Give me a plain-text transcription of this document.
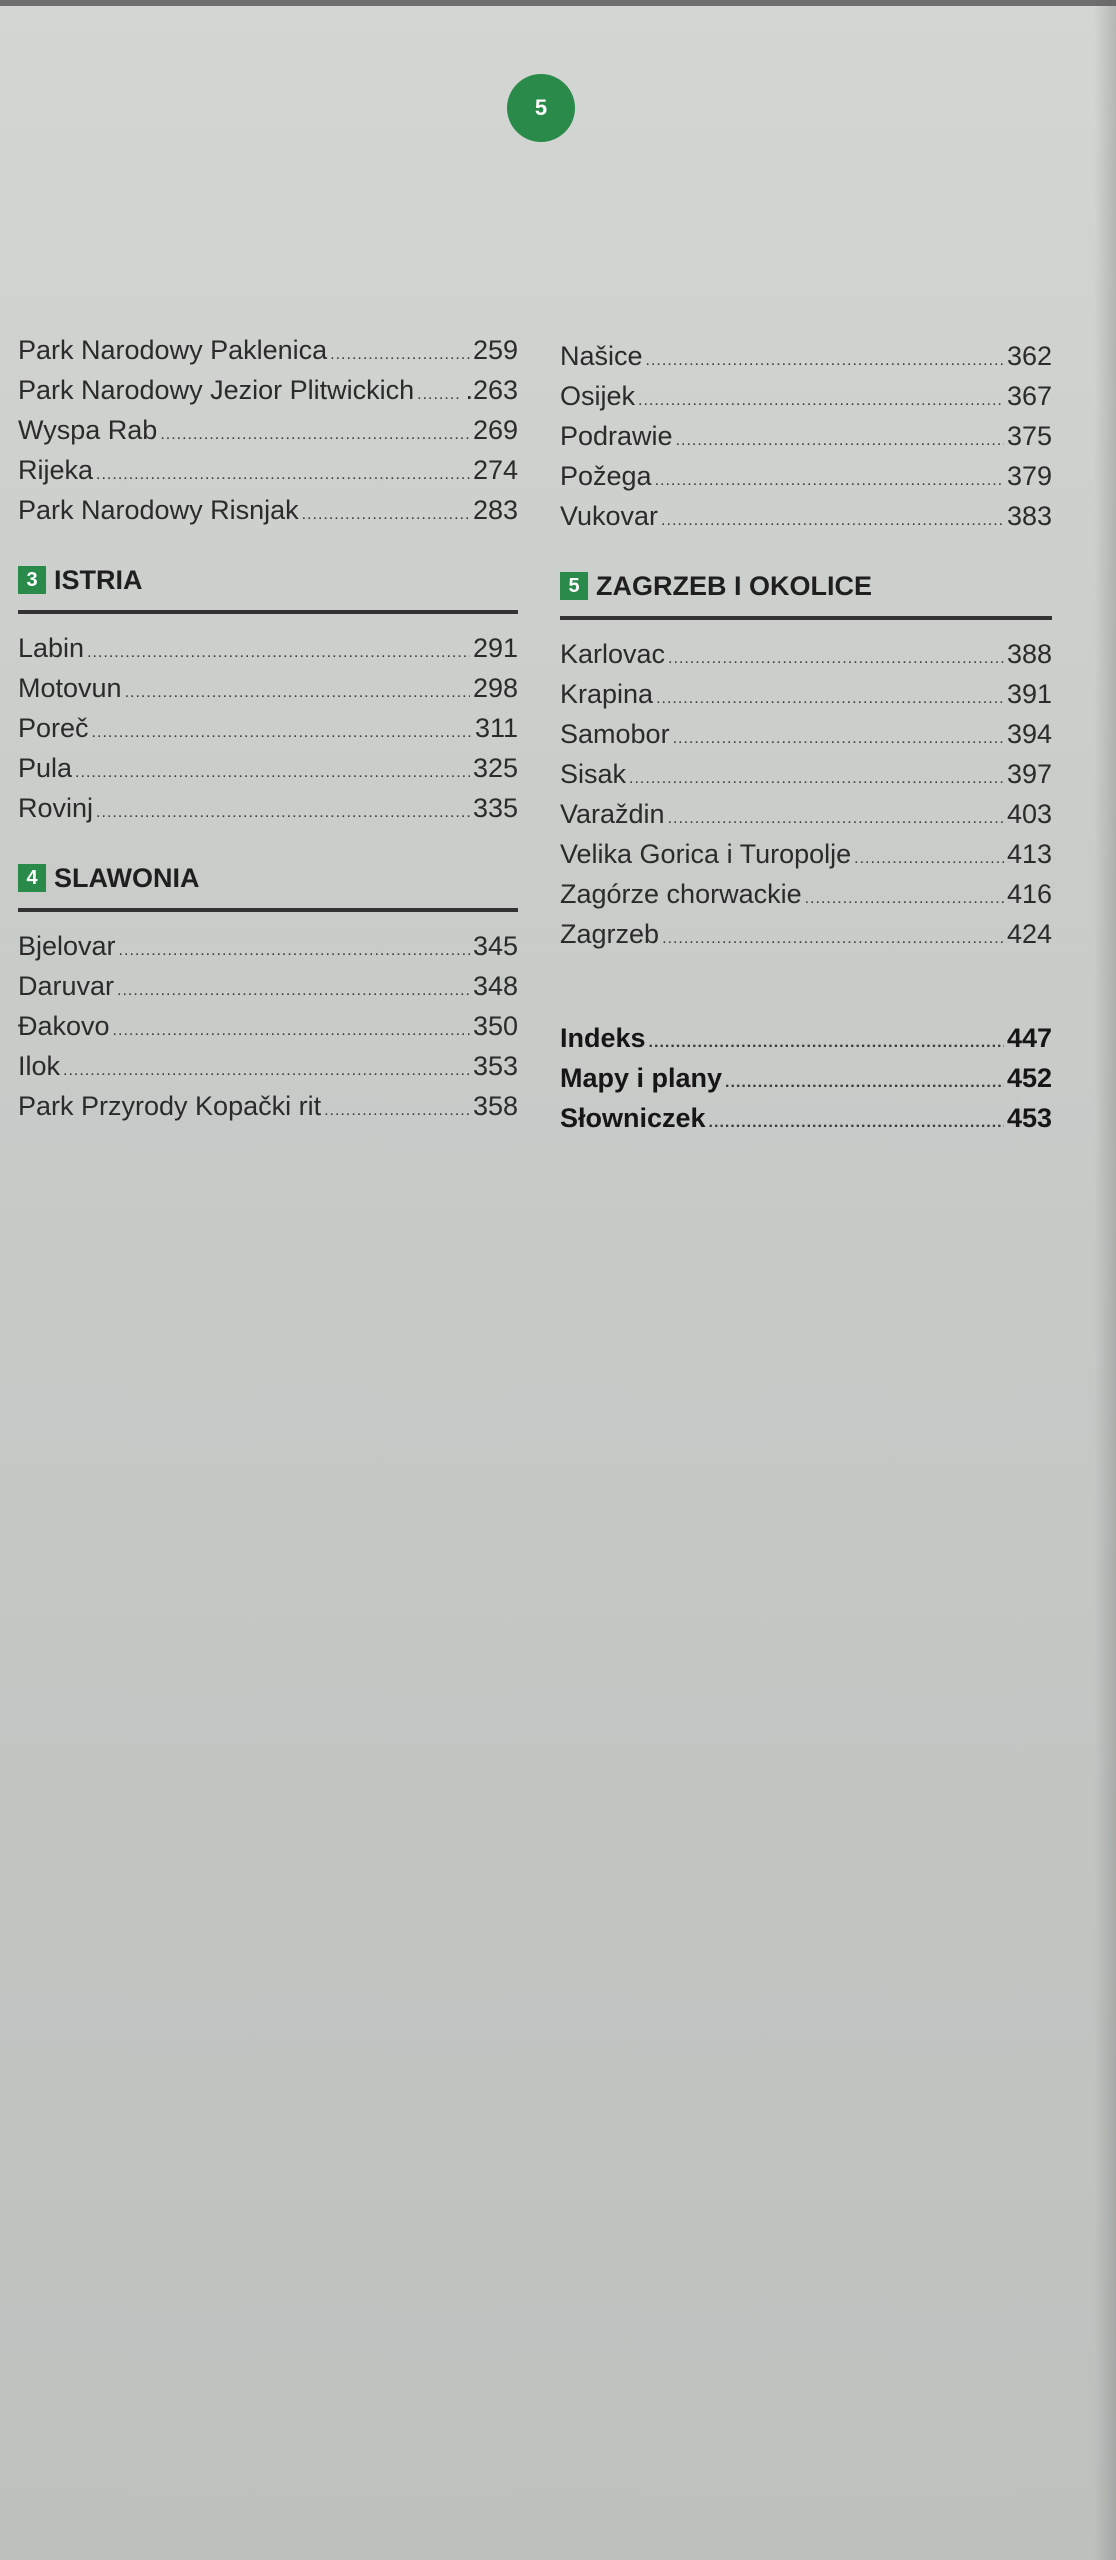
5
Park Narodowy Paklenica .....	259
Park Narodowy Jezior Plitwickich ..... .263
Wyspa Rab .....	269
Rijeka .....	274
Park Narodowy Risnjak .....	283
3 ISTRIA
Labin .....	291
Motovun .....	298
Poreč .....	311
Pula .....	325
Rovinj .....	335
4 SLAWONIA
Bjelovar .....	345
Daruvar .....	348
Đakovo .....	350
Ilok .....	353
Park Przyrody Kopački rit .....	358
Našice .....	362
Osijek .....	367
Podrawie .....	375
Požega .....	379
Vukovar .....	383
5 ZAGRZEB I OKOLICE
Karlovac .....	388
Krapina .....	391
Samobor .....	394
Sisak .....	397
Varaždin .....	403
Velika Gorica i Turopolje .....	413
Zagórze chorwackie .....	416
Zagrzeb .....	424
Indeks .....	447
Mapy i plany .....	452
Słowniczek .....	453
